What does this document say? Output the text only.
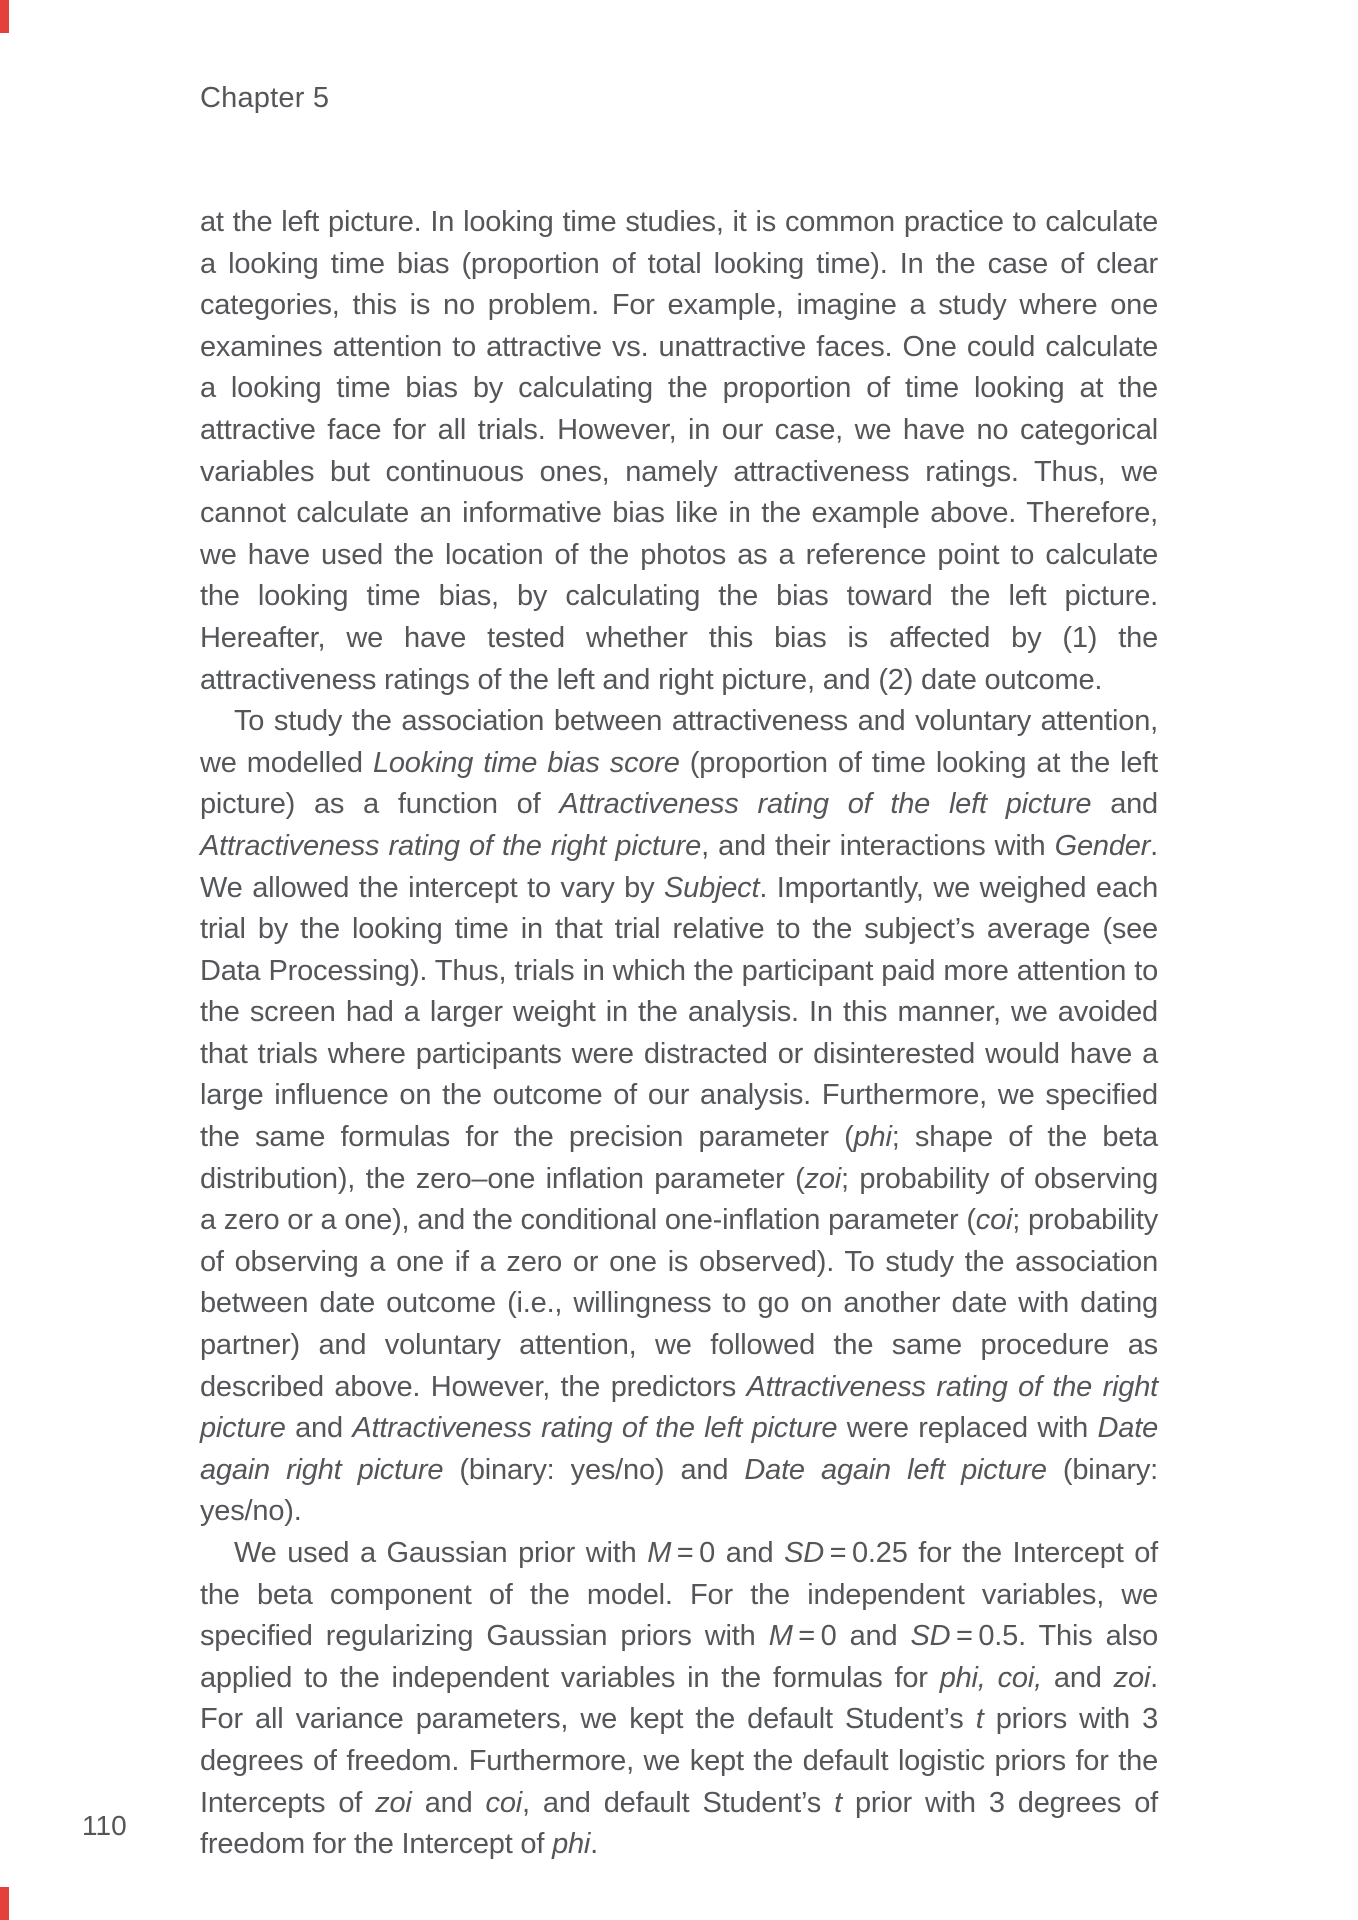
Chapter 5

at the left picture. In looking time studies, it is common practice to calculate a looking time bias (proportion of total looking time). In the case of clear categories, this is no problem. For example, imagine a study where one examines attention to attractive vs. unattractive faces. One could calculate a looking time bias by calculating the proportion of time looking at the attractive face for all trials. However, in our case, we have no categorical variables but continuous ones, namely attractiveness ratings. Thus, we cannot calculate an informative bias like in the example above. Therefore, we have used the location of the photos as a reference point to calculate the looking time bias, by calculating the bias toward the left picture. Hereafter, we have tested whether this bias is affected by (1) the attractiveness ratings of the left and right picture, and (2) date outcome.

To study the association between attractiveness and voluntary attention, we modelled Looking time bias score (proportion of time looking at the left picture) as a function of Attractiveness rating of the left picture and Attractiveness rating of the right picture, and their interactions with Gender. We allowed the intercept to vary by Subject. Importantly, we weighed each trial by the looking time in that trial relative to the subject’s average (see Data Processing). Thus, trials in which the participant paid more attention to the screen had a larger weight in the analysis. In this manner, we avoided that trials where participants were distracted or disinterested would have a large influence on the outcome of our analysis. Furthermore, we specified the same formulas for the precision parameter (phi; shape of the beta distribution), the zero–one inflation parameter (zoi; probability of observing a zero or a one), and the conditional one-inflation parameter (coi; probability of observing a one if a zero or one is observed). To study the association between date outcome (i.e., willingness to go on another date with dating partner) and voluntary attention, we followed the same procedure as described above. However, the predictors Attractiveness rating of the right picture and Attractiveness rating of the left picture were replaced with Date again right picture (binary: yes/no) and Date again left picture (binary: yes/no).

We used a Gaussian prior with M = 0 and SD = 0.25 for the Intercept of the beta component of the model. For the independent variables, we specified regularizing Gaussian priors with M = 0 and SD = 0.5. This also applied to the independent variables in the formulas for phi, coi, and zoi. For all variance parameters, we kept the default Student’s t priors with 3 degrees of freedom. Furthermore, we kept the default logistic priors for the Intercepts of zoi and coi, and default Student’s t prior with 3 degrees of freedom for the Intercept of phi.

110
